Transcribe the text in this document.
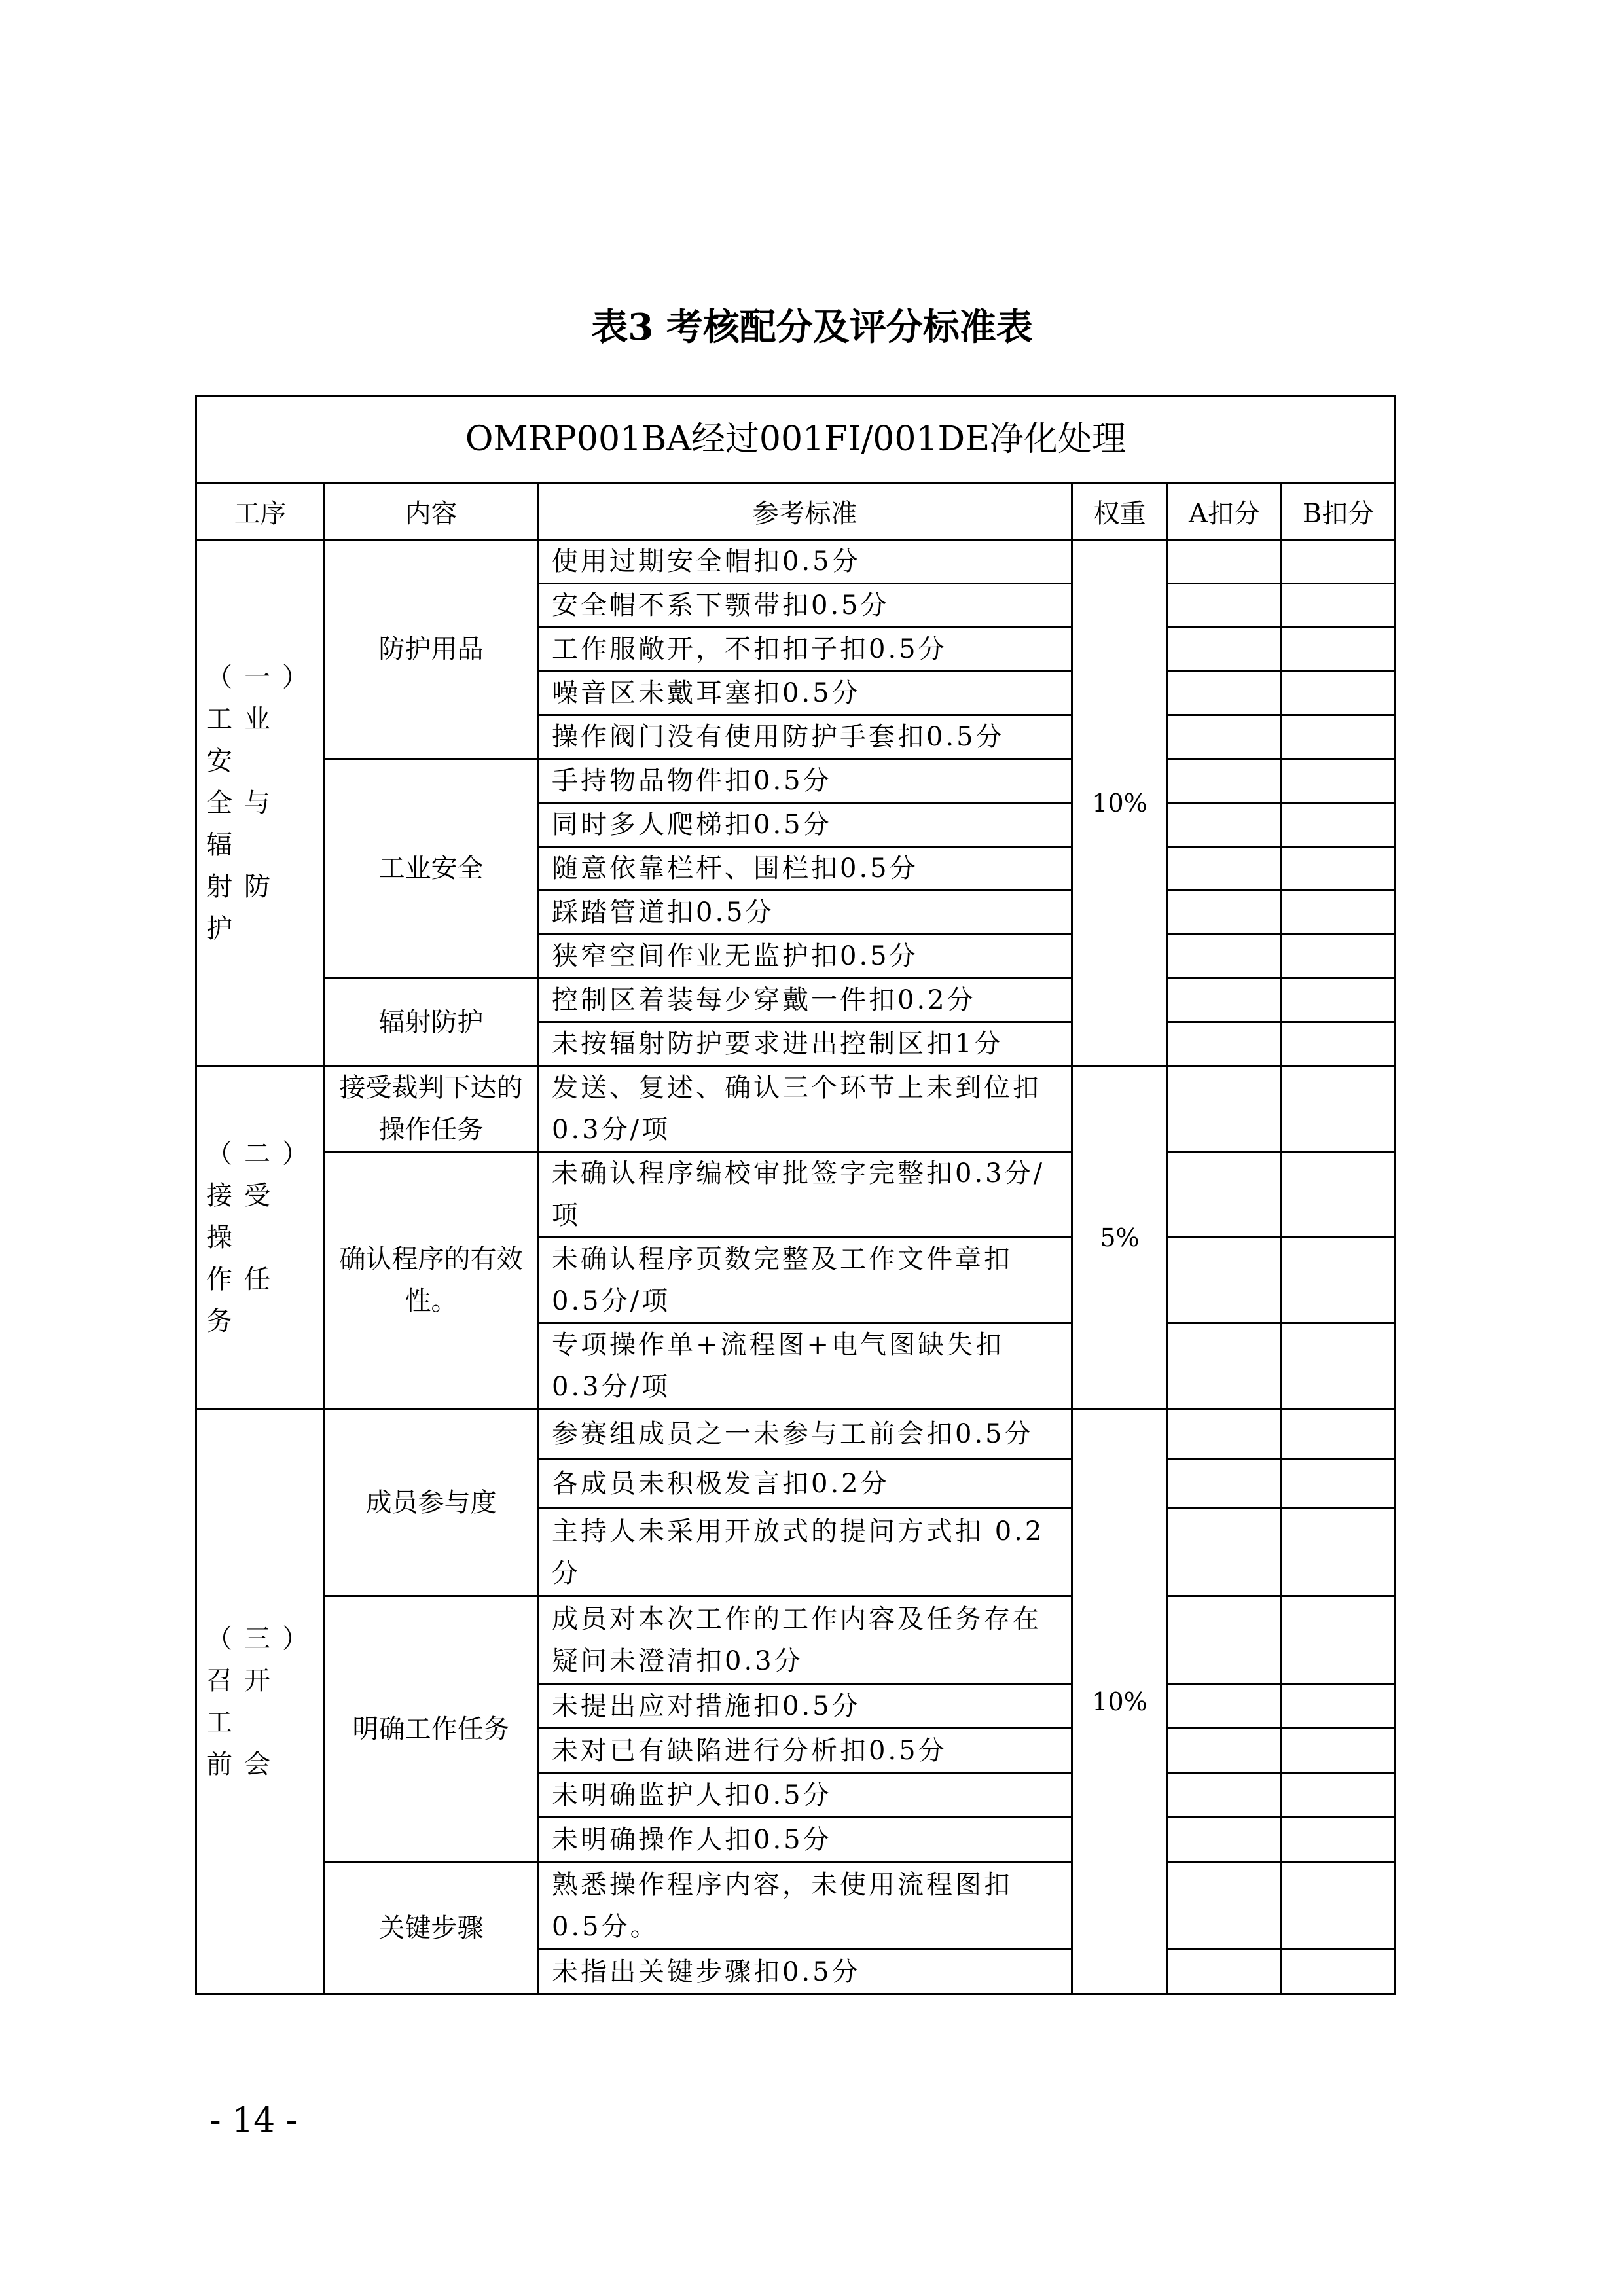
表3 考核配分及评分标准表
OMRP001BA经过001FI/001DE净化处理					
工序	内容	参考标准	权重	A扣分	B扣分

（一）
工业安
全与辐
射防护	防护用品	使用过期安全帽扣0.5分	10%		
		安全帽不系下颚带扣0.5分			
		工作服敞开，不扣扣子扣0.5分			
		噪音区未戴耳塞扣0.5分			
		操作阀门没有使用防护手套扣0.5分			
	工业安全	手持物品物件扣0.5分			
		同时多人爬梯扣0.5分			
		随意依靠栏杆、围栏扣0.5分			
		踩踏管道扣0.5分			
		狭窄空间作业无监护扣0.5分			
	辐射防护	控制区着装每少穿戴一件扣0.2分			
		未按辐射防护要求进出控制区扣1分			

（二）
接受操
作任务	接受裁判下达的操作任务	发送、复述、确认三个环节上未到位扣0.3分/项	5%		
	确认程序的有效性。	未确认程序编校审批签字完整扣0.3分/项			
		未确认程序页数完整及工作文件章扣0.5分/项			
		专项操作单+流程图+电气图缺失扣 0.3分/项			

（三）
召开工
前会	成员参与度	参赛组成员之一未参与工前会扣0.5分	10%		
		各成员未积极发言扣0.2分			
		主持人未采用开放式的提问方式扣 0.2分			
	明确工作任务	成员对本次工作的工作内容及任务存在疑问未澄清扣0.3分			
		未提出应对措施扣0.5分			
		未对已有缺陷进行分析扣0.5分			
		未明确监护人扣0.5分			
		未明确操作人扣0.5分			
	关键步骤	熟悉操作程序内容，未使用流程图扣0.5分。			
		未指出关键步骤扣0.5分			
- 14 -
